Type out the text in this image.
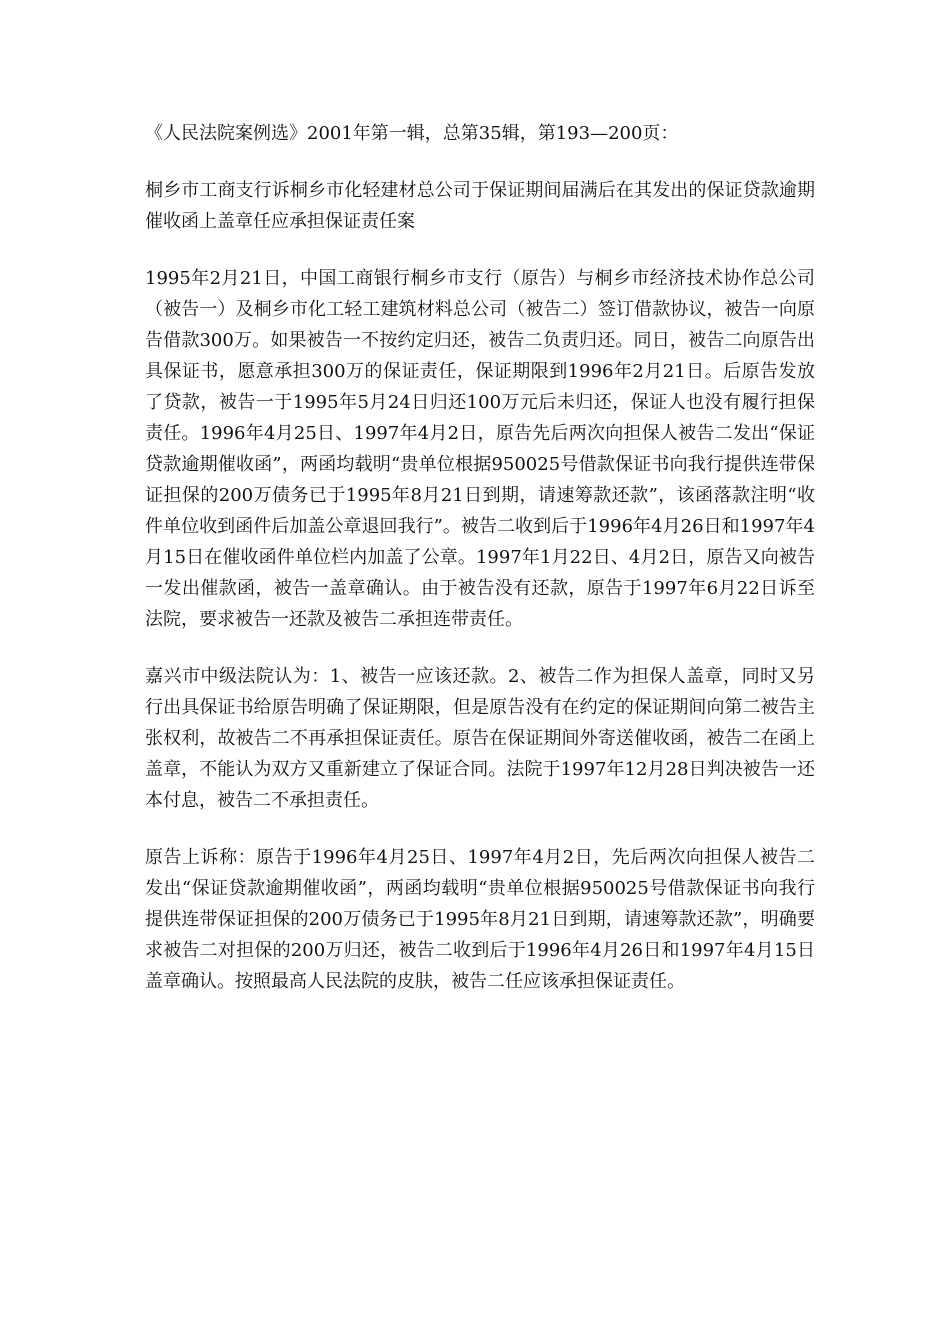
《人民法院案例选》2001年第一辑，总第35辑，第193—200页：

桐乡市工商支行诉桐乡市化轻建材总公司于保证期间届满后在其发出的保证贷款逾期催收函上盖章任应承担保证责任案

1995年2月21日，中国工商银行桐乡市支行（原告）与桐乡市经济技术协作总公司（被告一）及桐乡市化工轻工建筑材料总公司（被告二）签订借款协议，被告一向原告借款300万。如果被告一不按约定归还，被告二负责归还。同日，被告二向原告出具保证书，愿意承担300万的保证责任，保证期限到1996年2月21日。后原告发放了贷款，被告一于1995年5月24日归还100万元后未归还，保证人也没有履行担保责任。1996年4月25日、1997年4月2日，原告先后两次向担保人被告二发出“保证贷款逾期催收函”，两函均载明“贵单位根据950025号借款保证书向我行提供连带保证担保的200万债务已于1995年8月21日到期，请速筹款还款”，该函落款注明“收件单位收到函件后加盖公章退回我行”。被告二收到后于1996年4月26日和1997年4月15日在催收函件单位栏内加盖了公章。1997年1月22日、4月2日，原告又向被告一发出催款函，被告一盖章确认。由于被告没有还款，原告于1997年6月22日诉至法院，要求被告一还款及被告二承担连带责任。

嘉兴市中级法院认为：1、被告一应该还款。2、被告二作为担保人盖章，同时又另行出具保证书给原告明确了保证期限，但是原告没有在约定的保证期间向第二被告主张权利，故被告二不再承担保证责任。原告在保证期间外寄送催收函，被告二在函上盖章，不能认为双方又重新建立了保证合同。法院于1997年12月28日判决被告一还本付息，被告二不承担责任。

原告上诉称：原告于1996年4月25日、1997年4月2日，先后两次向担保人被告二发出“保证贷款逾期催收函”，两函均载明“贵单位根据950025号借款保证书向我行提供连带保证担保的200万债务已于1995年8月21日到期，请速筹款还款”，明确要求被告二对担保的200万归还，被告二收到后于1996年4月26日和1997年4月15日盖章确认。按照最高人民法院的皮肤，被告二任应该承担保证责任。
